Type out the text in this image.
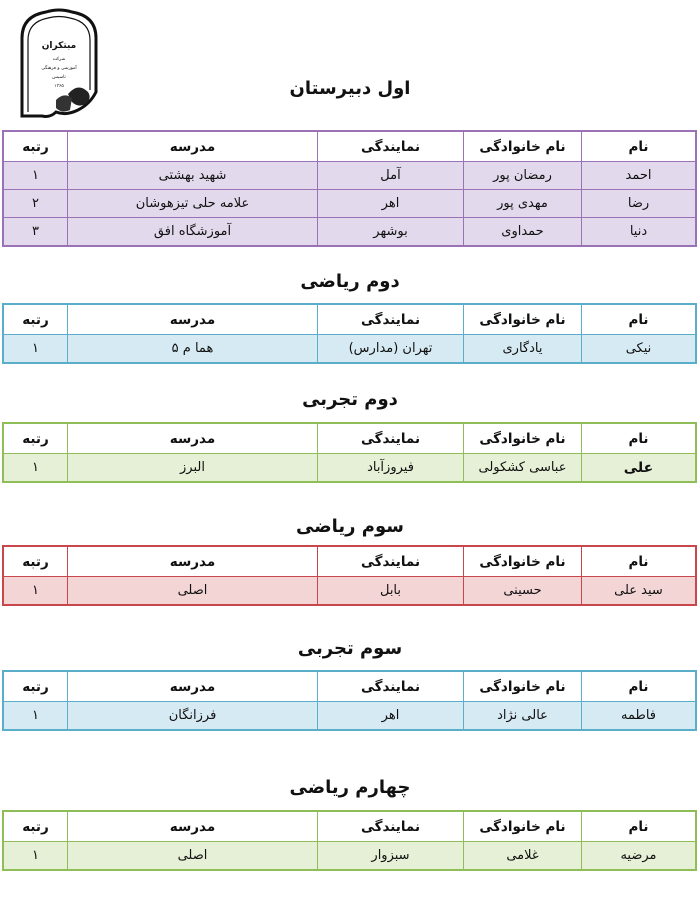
مبتکران
شرکت
آموزشی و فرهنگی
تاسیس
۱۳۶۵	اول دبیرستان
نام	نام خانوادگی	نمایندگی	مدرسه	رتبه
احمد	رمضان پور	آمل	شهید بهشتی	۱
رضا	مهدی پور	اهر	علامه حلی تیزهوشان	۲
دنیا	حمداوی	بوشهر	آموزشگاه افق	۳
دوم ریاضی
نام	نام خانوادگی	نمایندگی	مدرسه	رتبه
نیکی	یادگاری	تهران (مدارس)	هما م ۵	۱
دوم تجربی
نام	نام خانوادگی	نمایندگی	مدرسه	رتبه
علی	عباسی کشکولی	فیروزآباد	البرز	۱
سوم ریاضی
نام	نام خانوادگی	نمایندگی	مدرسه	رتبه
سید علی	حسینی	بابل	اصلی	۱
سوم تجربی
نام	نام خانوادگی	نمایندگی	مدرسه	رتبه
فاطمه	عالی نژاد	اهر	فرزانگان	۱
چهارم ریاضی
نام	نام خانوادگی	نمایندگی	مدرسه	رتبه
مرضیه	غلامی	سبزوار	اصلی	۱
